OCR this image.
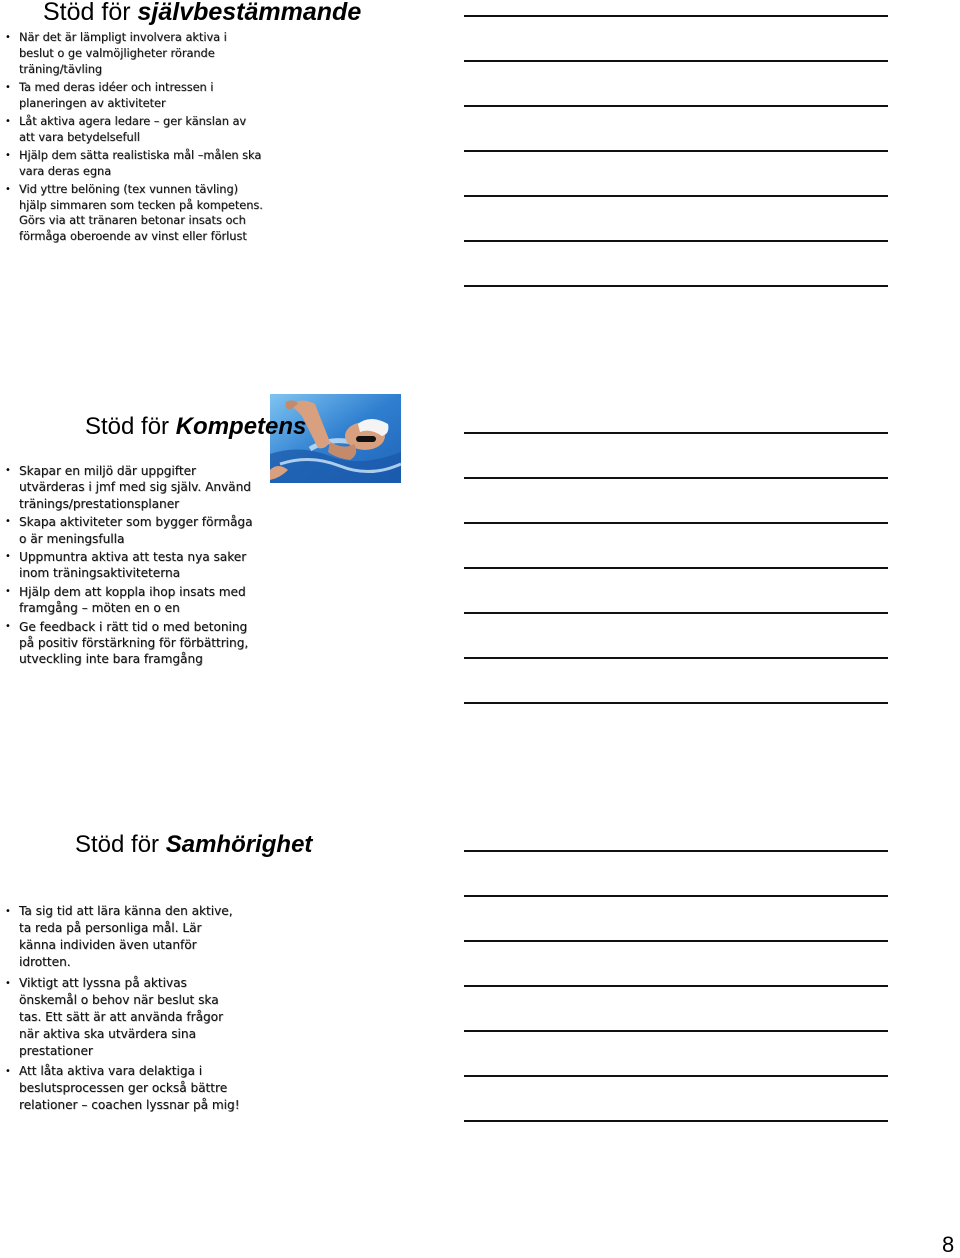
Stöd för självbestämmande
• När det är lämpligt involvera aktiva i beslut o ge valmöjligheter rörande träning/tävling
• Ta med deras idéer och intressen i planeringen av aktiviteter
• Låt aktiva agera ledare – ger känslan av att vara betydelsefull
• Hjälp dem sätta realistiska mål –målen ska vara deras egna
• Vid yttre belöning (tex vunnen tävling) hjälp simmaren som tecken på kompetens. Görs via att tränaren betonar insats och förmåga oberoende av vinst eller förlust
Stöd för Kompetens
• Skapar en miljö där uppgifter utvärderas i jmf med sig själv. Använd tränings/prestationsplaner
• Skapa aktiviteter som bygger förmåga o är meningsfulla
• Uppmuntra aktiva att testa nya saker inom träningsaktiviteterna
• Hjälp dem att koppla ihop insats med framgång – möten en o en
• Ge feedback i rätt tid o med betoning på positiv förstärkning för förbättring, utveckling inte bara framgång
Stöd för Samhörighet
• Ta sig tid att lära känna den aktive, ta reda på personliga mål. Lär känna individen även utanför idrotten.
• Viktigt att lyssna på aktivas önskemål o behov när beslut ska tas. Ett sätt är att använda frågor när aktiva ska utvärdera sina prestationer
• Att låta aktiva vara delaktiga i beslutsprocessen ger också bättre relationer – coachen lyssnar på mig!
8
